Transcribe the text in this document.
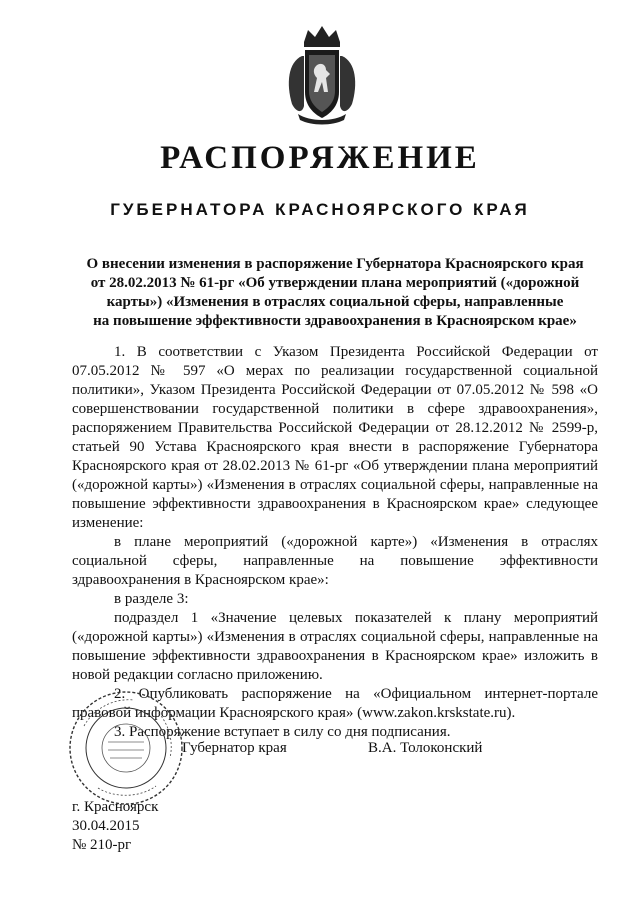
РАСПОРЯЖЕНИЕ
ГУБЕРНАТОРА КРАСНОЯРСКОГО КРАЯ
О внесении изменения в распоряжение Губернатора Красноярского края
от 28.02.2013 № 61-рг «Об утверждении плана мероприятий («дорожной
карты») «Изменения в отраслях социальной сферы, направленные
на повышение эффективности здравоохранения в Красноярском крае»

1. В соответствии с Указом Президента Российской Федерации от 07.05.2012 № 597 «О мерах по реализации государственной социальной политики», Указом Президента Российской Федерации от 07.05.2012 № 598 «О совершенствовании государственной политики в сфере здравоохранения», распоряжением Правительства Российской Федерации от 28.12.2012 № 2599-р, статьей 90 Устава Красноярского края внести в распоряжение Губернатора Красноярского края от 28.02.2013 № 61-рг «Об утверждении плана мероприятий («дорожной карты») «Изменения в отраслях социальной сферы, направленные на повышение эффективности здравоохранения в Красноярском крае» следующее изменение:

в плане мероприятий («дорожной карте») «Изменения в отраслях социальной сферы, направленные на повышение эффективности здравоохранения в Красноярском крае»:

в разделе 3:

подраздел 1 «Значение целевых показателей к плану мероприятий («дорожной карты») «Изменения в отраслях социальной сферы, направленные на повышение эффективности здравоохранения в Красноярском крае» изложить в новой редакции согласно приложению.

2. Опубликовать распоряжение на «Официальном интернет-портале правовой информации Красноярского края» (www.zakon.krskstate.ru).

3. Распоряжение вступает в силу со дня подписания.

Губернатор края	В.А. Толоконский
г. Красноярск
30.04.2015
№ 210-рг
